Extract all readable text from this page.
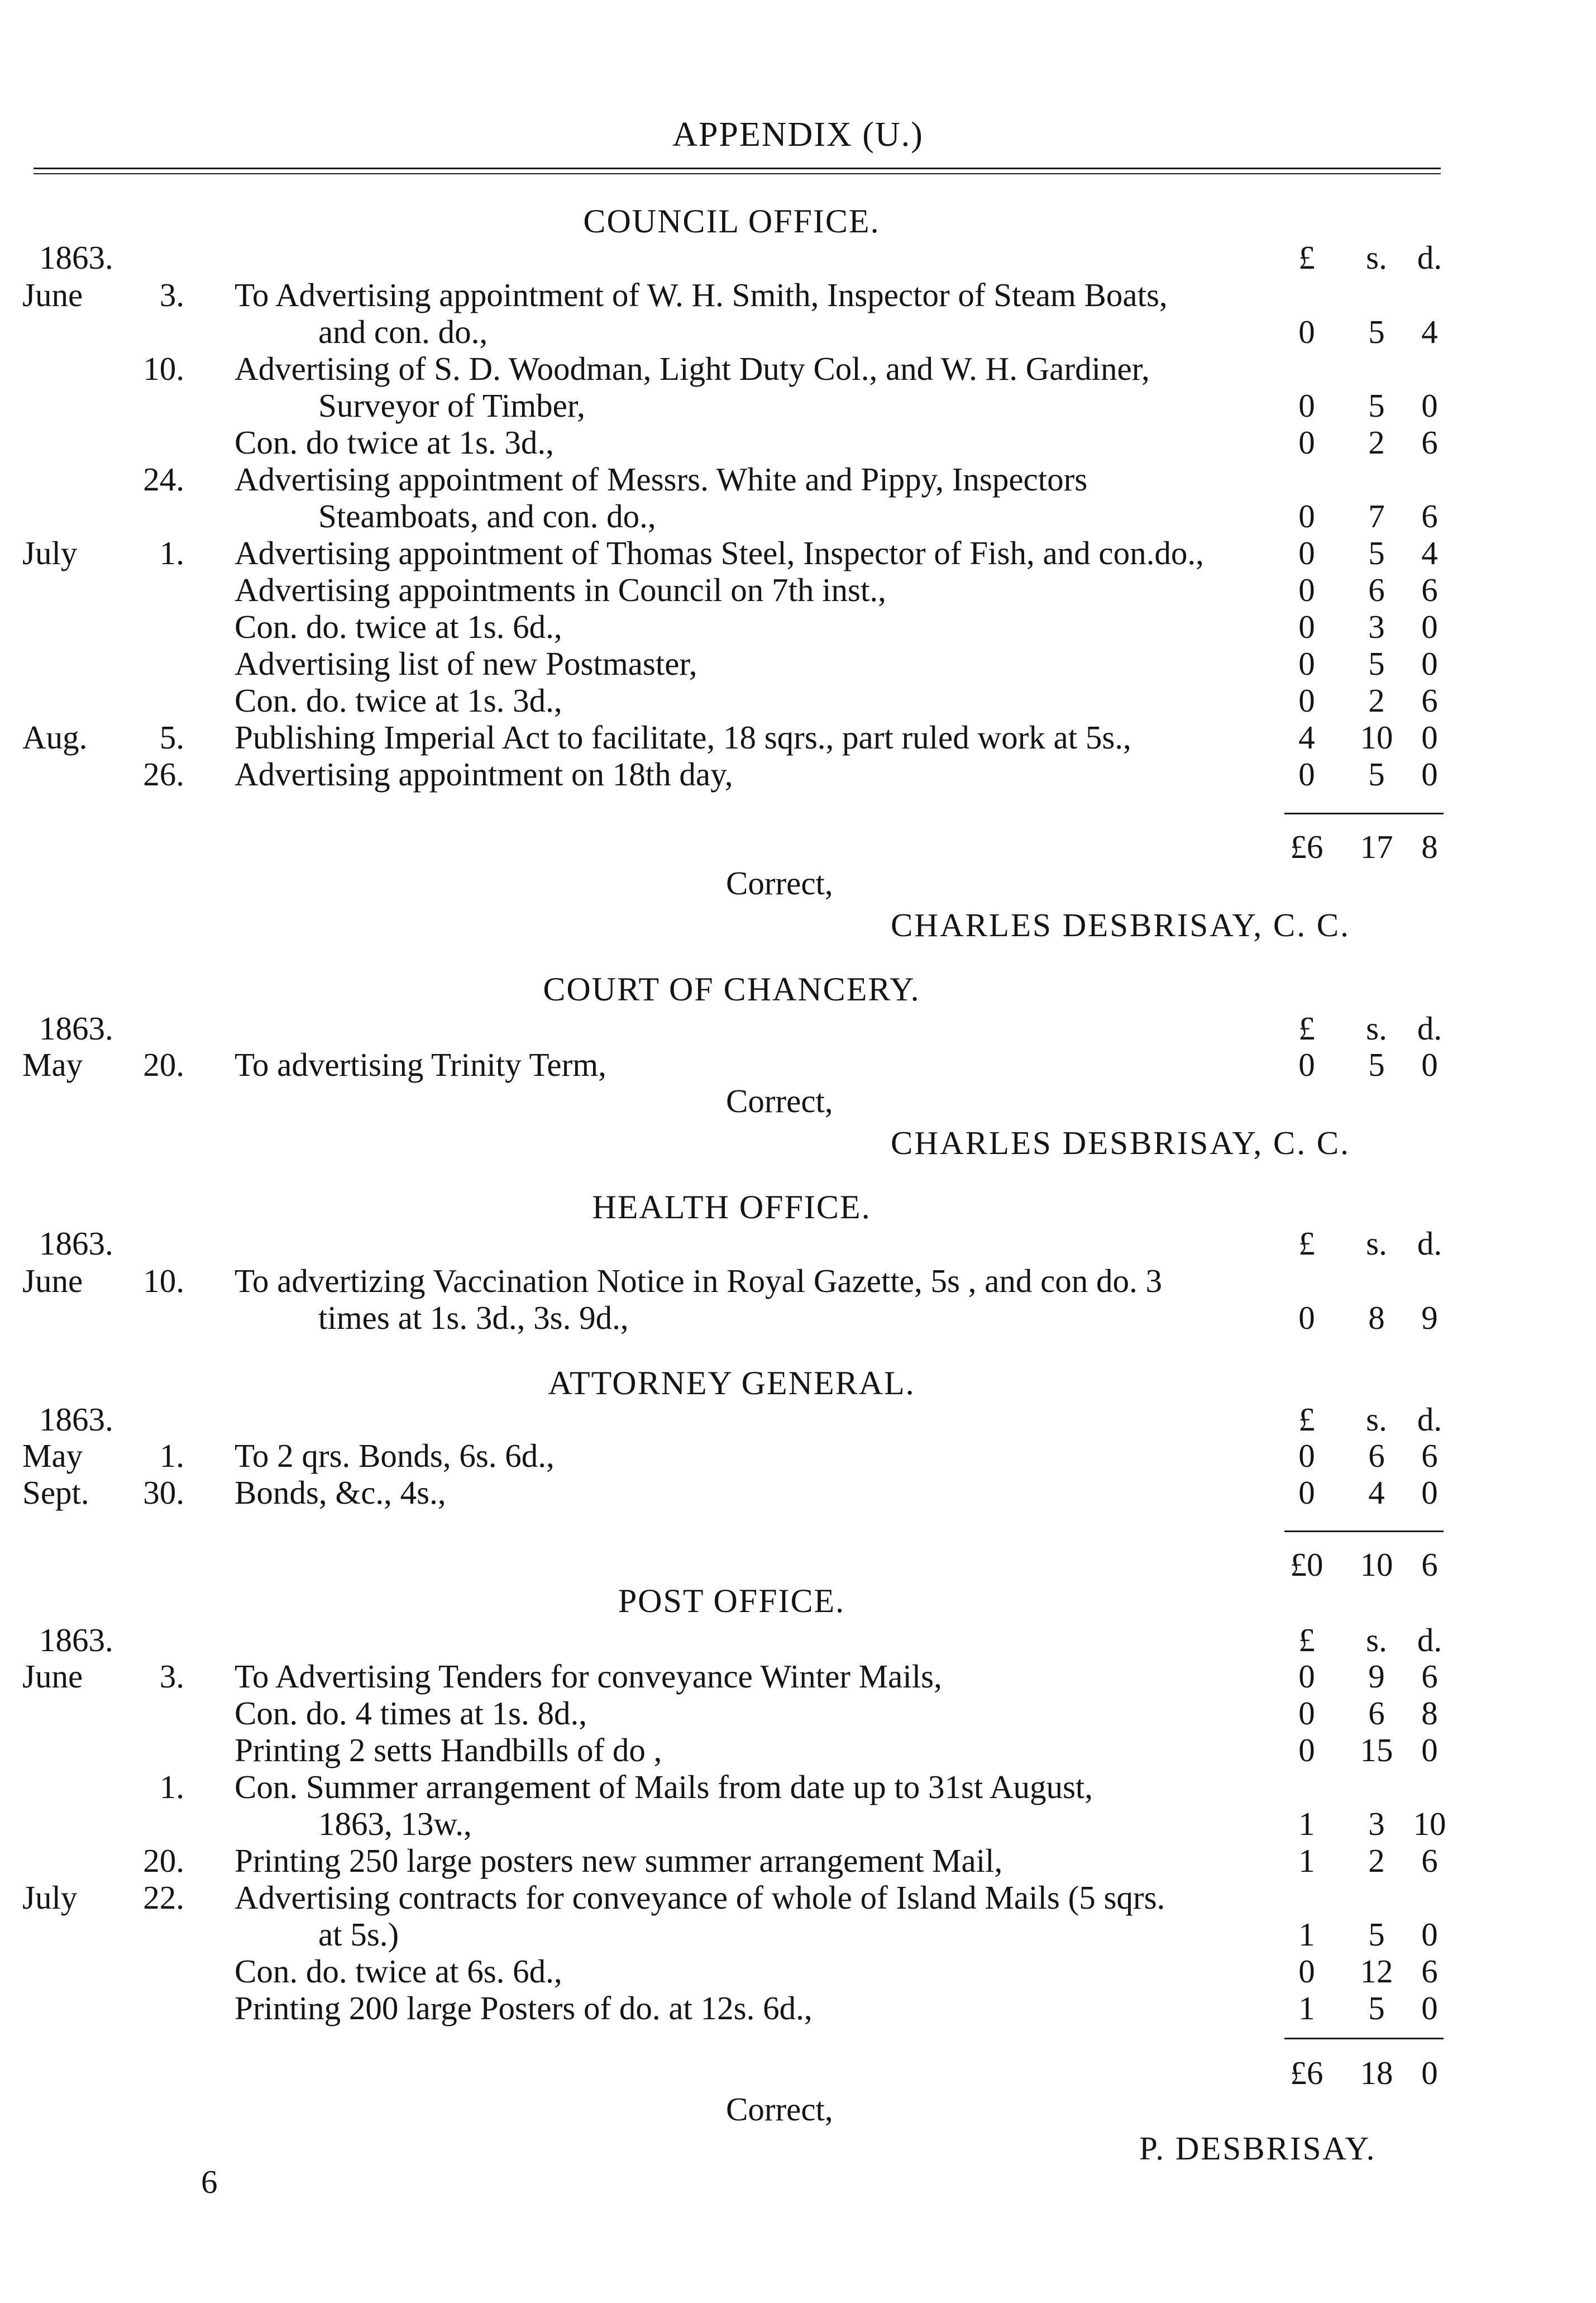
APPENDIX (U.)
COUNCIL OFFICE.
1863.	£	s. d.
June	3. To Advertising appointment of W. H. Smith, Inspector of Steam Boats,
and con. do.,	0	5	4
10. Advertising of S. D. Woodman, Light Duty Col., and W. H. Gardiner,
Surveyor of Timber,	0	5	0
Con. do twice at 1s. 3d.,	0	2	6
24. Advertising appointment of Messrs. White and Pippy, Inspectors
Steamboats, and con. do.,	0	7	6
July	1. Advertising appointment of Thomas Steel, Inspector of Fish, and con.do.,	0	5	4
Advertising appointments in Council on 7th inst.,	0	6	6
Con. do. twice at 1s. 6d.,	0	3	0
Advertising list of new Postmaster,	0	5	0
Con. do. twice at 1s. 3d.,	0	2	6
Aug.	5. Publishing Imperial Act to facilitate, 18 sqrs., part ruled work at 5s.,	4	10 0
26. Advertising appointment on 18th day,	0	5	0
£6	17 8
Correct,
CHARLES DESBRISAY, C. C.
COURT OF CHANCERY.
1863.	£	s. d.
May	20. To advertising Trinity Term,	0	5	0
Correct,
CHARLES DESBRISAY, C. C.
HEALTH OFFICE.
1863.	£	s. d.
June	10. To advertizing Vaccination Notice in Royal Gazette, 5s , and con do. 3
times at 1s. 3d., 3s. 9d.,	0	8	9
ATTORNEY GENERAL.
1863.	£	s. d.
May	1. To 2 qrs. Bonds, 6s. 6d.,	0	6	6
Sept.	30. Bonds, &c., 4s.,	0	4	0
£0	10 6
POST OFFICE.
1863.	£	s. d.
June	3. To Advertising Tenders for conveyance Winter Mails,	0	9	6
Con. do. 4 times at 1s. 8d.,	0	6	8
Printing 2 setts Handbills of do ,	0	15 0
1. Con. Summer arrangement of Mails from date up to 31st August,
1863, 13w.,	1	3 10
20. Printing 250 large posters new summer arrangement Mail,	1	2	6
July	22. Advertising contracts for conveyance of whole of Island Mails (5 sqrs.
at 5s.)	1	5	0
Con. do. twice at 6s. 6d.,	0	12 6
Printing 200 large Posters of do. at 12s. 6d.,	1	5	0
£6	18 0
Correct,
P. DESBRISAY.
6
